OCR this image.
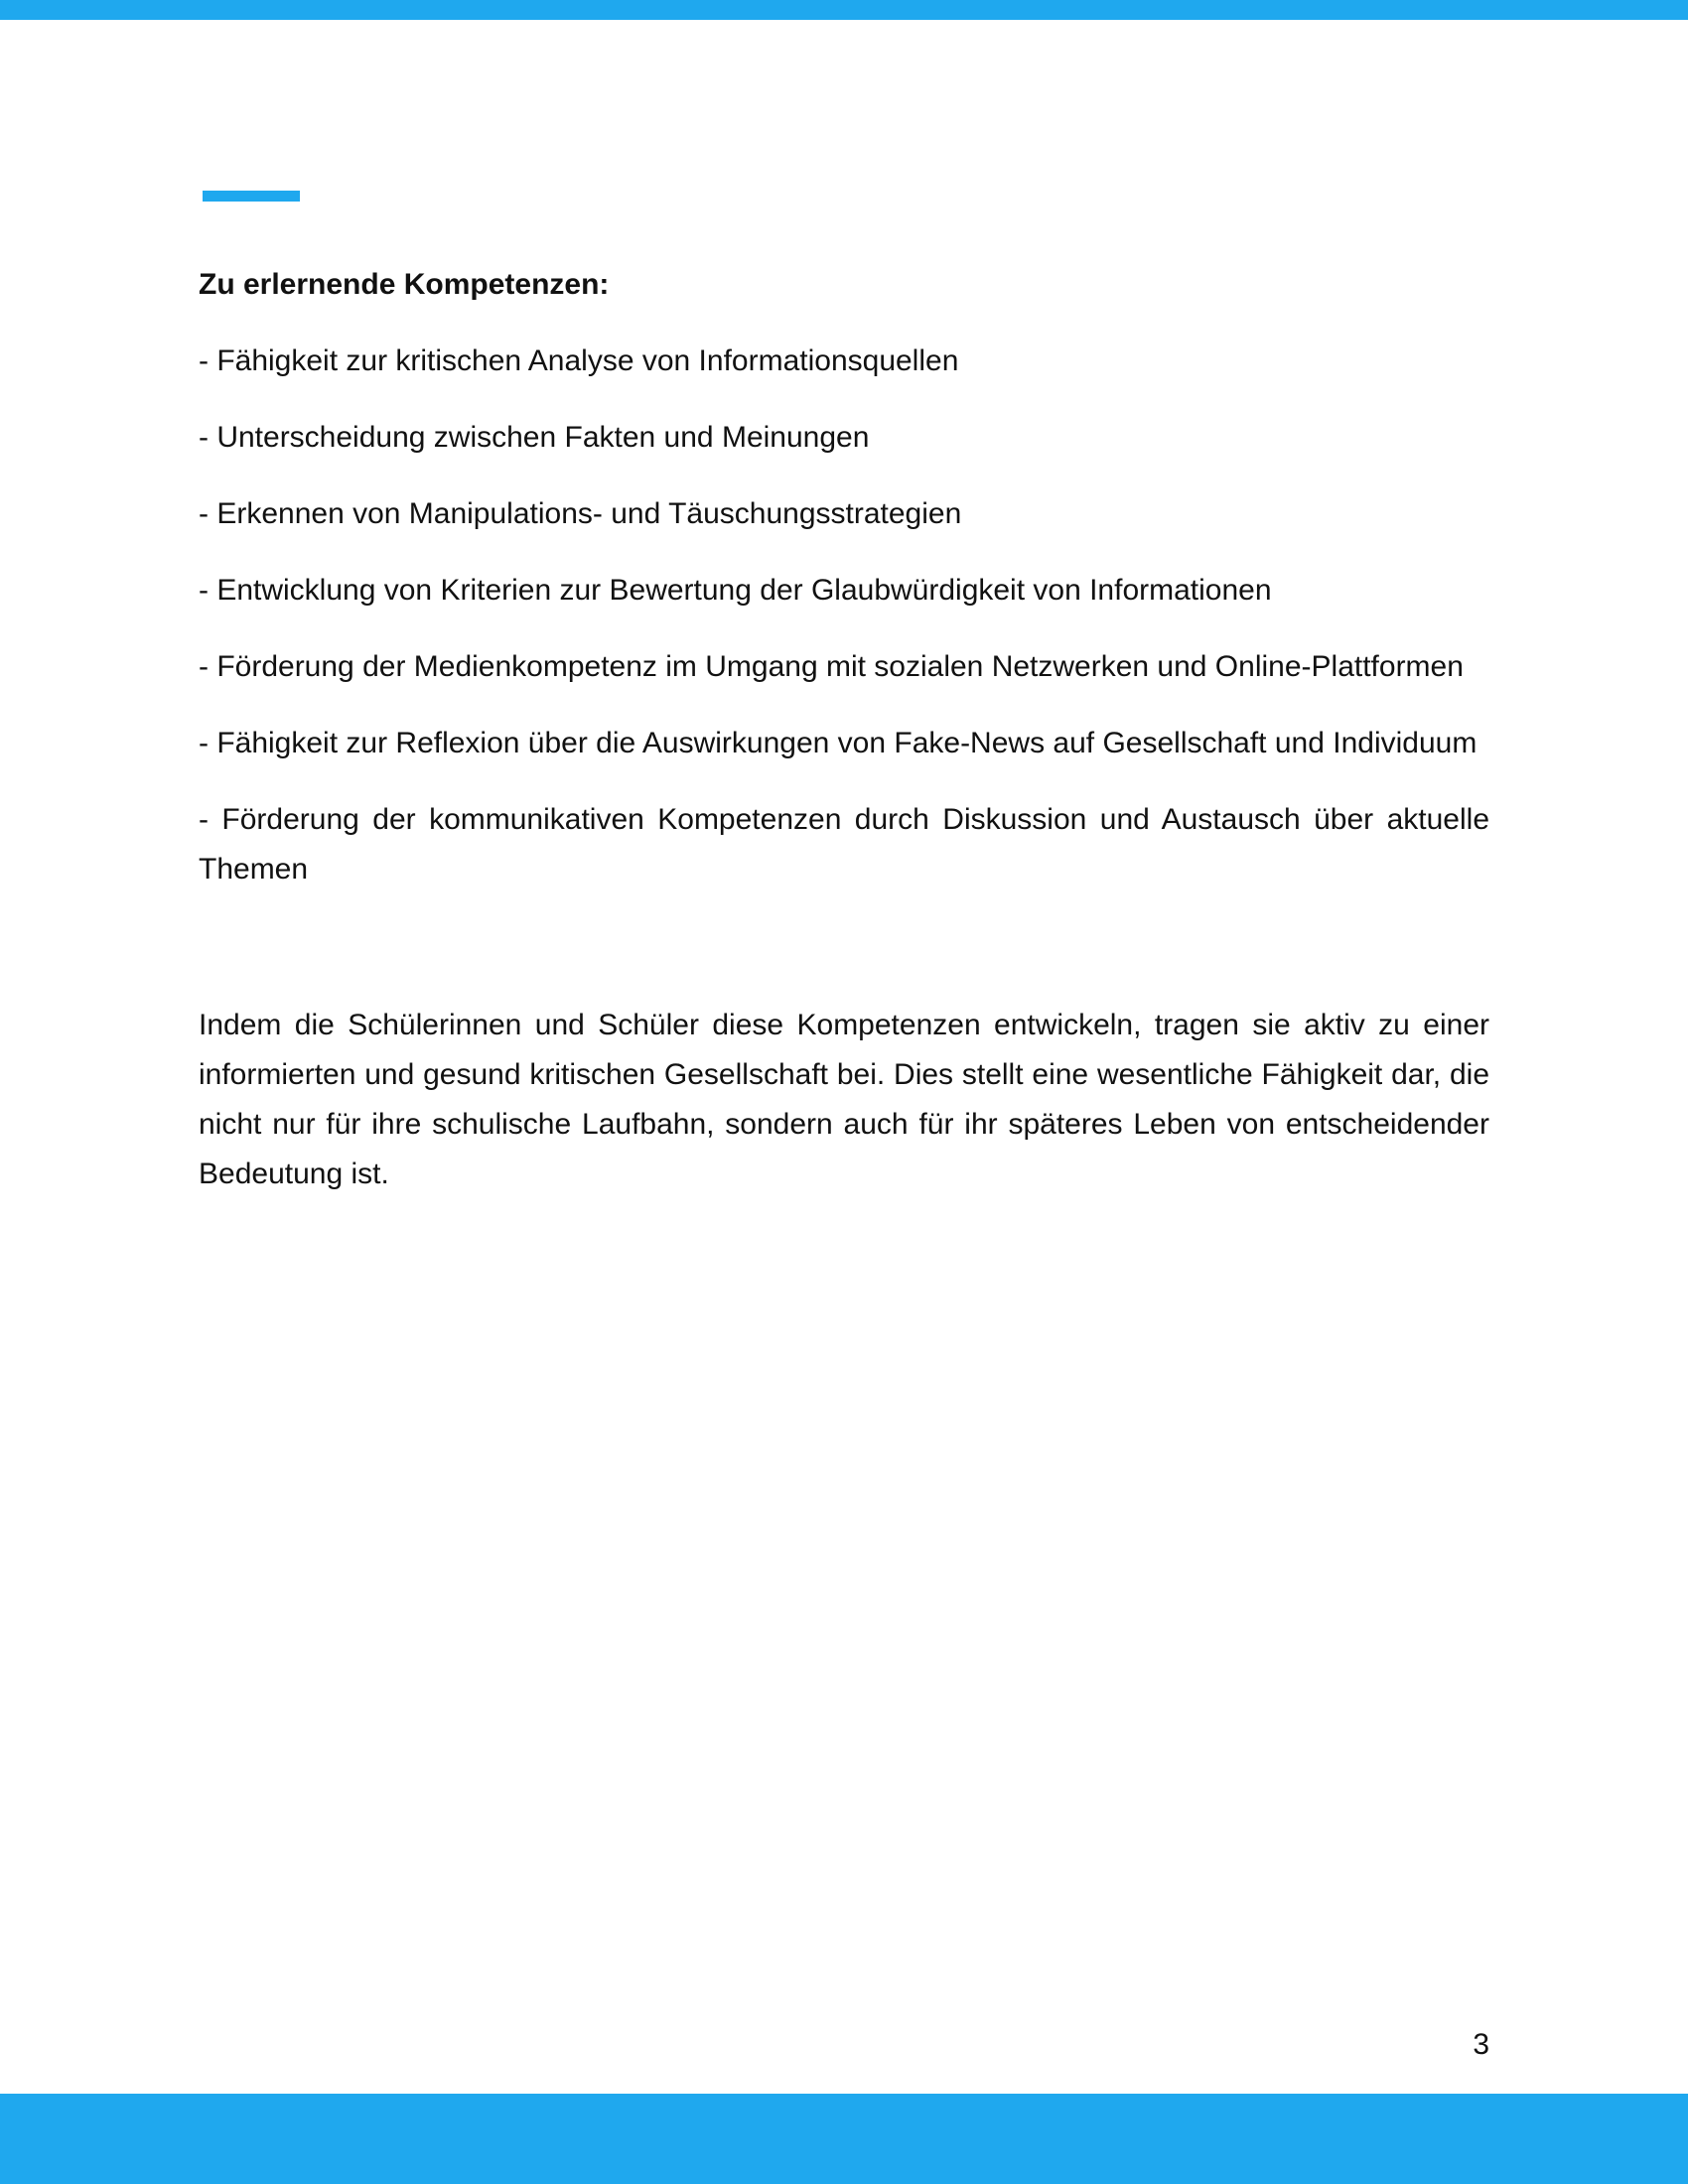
Zu erlernende Kompetenzen:
- Fähigkeit zur kritischen Analyse von Informationsquellen
- Unterscheidung zwischen Fakten und Meinungen
- Erkennen von Manipulations- und Täuschungsstrategien
- Entwicklung von Kriterien zur Bewertung der Glaubwürdigkeit von Informationen
- Förderung der Medienkompetenz im Umgang mit sozialen Netzwerken und Online-Plattformen
- Fähigkeit zur Reflexion über die Auswirkungen von Fake-News auf Gesellschaft und Individuum
- Förderung der kommunikativen Kompetenzen durch Diskussion und Austausch über aktuelle Themen

Indem die Schülerinnen und Schüler diese Kompetenzen entwickeln, tragen sie aktiv zu einer informierten und gesund kritischen Gesellschaft bei. Dies stellt eine wesentliche Fähigkeit dar, die nicht nur für ihre schulische Laufbahn, sondern auch für ihr späteres Leben von entscheidender Bedeutung ist.

3
